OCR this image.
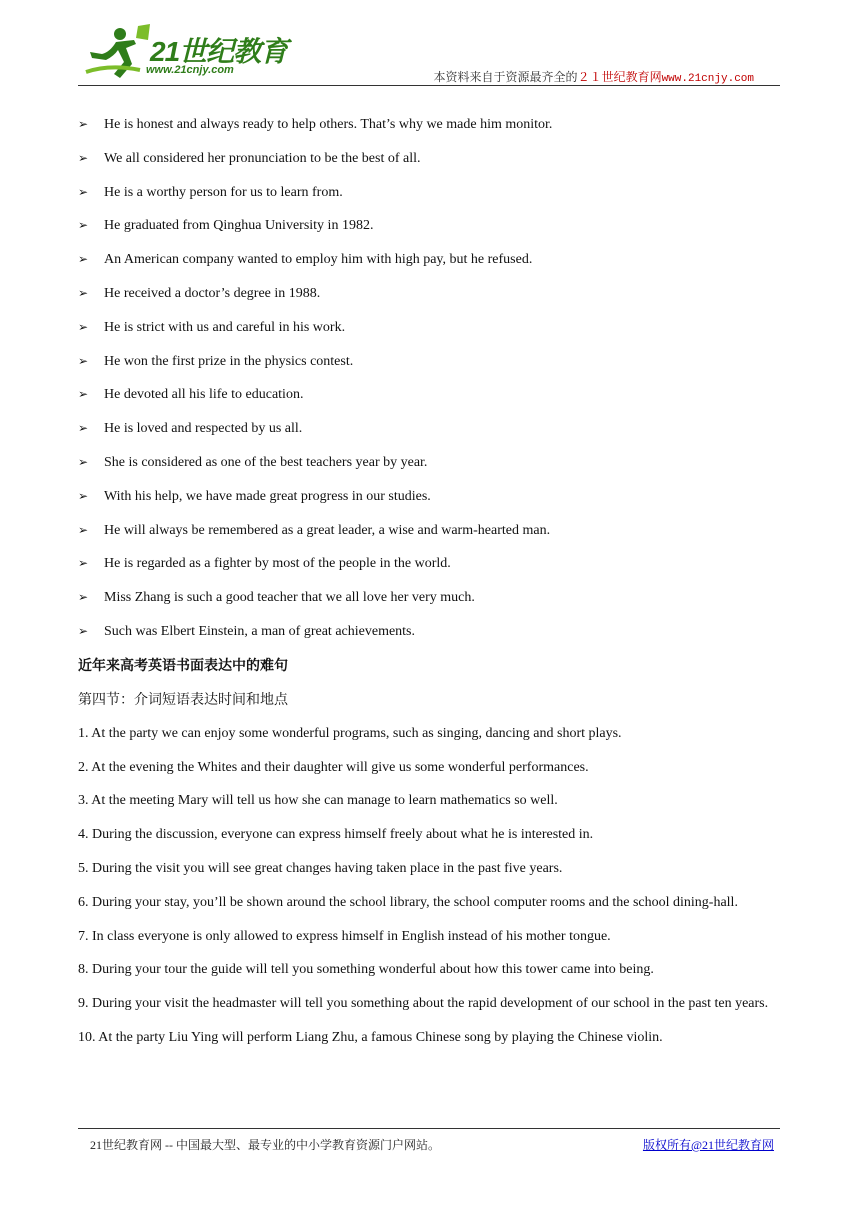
21世纪教育
www.21cnjy.com	本资料来自于资源最齐全的２１世纪教育网www.21cnjy.com
➢ He is honest and always ready to help others. That’s why we made him monitor.
➢ We all considered her pronunciation to be the best of all.
➢ He is a worthy person for us to learn from.
➢ He graduated from Qinghua University in 1982.
➢ An American company wanted to employ him with high pay, but he refused.
➢ He received a doctor’s degree in 1988.
➢ He is strict with us and careful in his work.
➢ He won the first prize in the physics contest.
➢ He devoted all his life to education.
➢ He is loved and respected by us all.
➢ She is considered as one of the best teachers year by year.
➢ With his help, we have made great progress in our studies.
➢ He will always be remembered as a great leader, a wise and warm-hearted man.
➢ He is regarded as a fighter by most of the people in the world.
➢ Miss Zhang is such a good teacher that we all love her very much.
➢ Such was Elbert Einstein, a man of great achievements.
近年来高考英语书面表达中的难句
第四节：介词短语表达时间和地点

1. At the party we can enjoy some wonderful programs, such as singing, dancing and short plays.

2. At the evening the Whites and their daughter will give us some wonderful performances.

3. At the meeting Mary will tell us how she can manage to learn mathematics so well.

4. During the discussion, everyone can express himself freely about what he is interested in.

5. During the visit you will see great changes having taken place in the past five years.

6. During your stay, you’ll be shown around the school library, the school computer rooms and the school dining-hall.

7. In class everyone is only allowed to express himself in English instead of his mother tongue.

8. During your tour the guide will tell you something wonderful about how this tower came into being.

9. During your visit the headmaster will tell you something about the rapid development of our school in the past ten years.

10. At the party Liu Ying will perform Liang Zhu, a famous Chinese song by playing the Chinese violin.

21世纪教育网 -- 中国最大型、最专业的中小学教育资源门户网站。	版权所有@21世纪教育网
